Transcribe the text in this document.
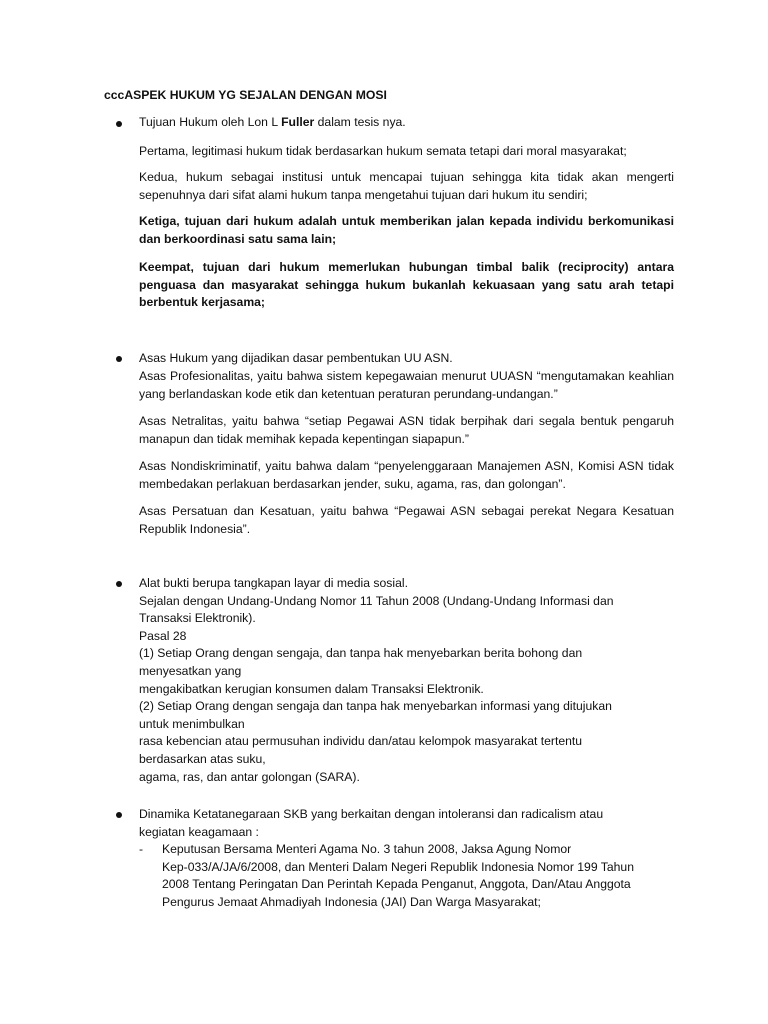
cccASPEK HUKUM YG SEJALAN DENGAN MOSI
Tujuan Hukum oleh Lon L Fuller dalam tesis nya.

Pertama, legitimasi hukum tidak berdasarkan hukum semata tetapi dari moral masyarakat;

Kedua, hukum sebagai institusi untuk mencapai tujuan sehingga kita tidak akan mengerti sepenuhnya dari sifat alami hukum tanpa mengetahui tujuan dari hukum itu sendiri;

Ketiga, tujuan dari hukum adalah untuk memberikan jalan kepada individu berkomunikasi dan berkoordinasi satu sama lain;

Keempat, tujuan dari hukum memerlukan hubungan timbal balik (reciprocity) antara penguasa dan masyarakat sehingga hukum bukanlah kekuasaan yang satu arah tetapi berbentuk kerjasama;

Asas Hukum yang dijadikan dasar pembentukan UU ASN.

Asas Profesionalitas, yaitu bahwa sistem kepegawaian menurut UUASN “mengutamakan keahlian yang berlandaskan kode etik dan ketentuan peraturan perundang-undangan.”

Asas Netralitas, yaitu bahwa “setiap Pegawai ASN tidak berpihak dari segala bentuk pengaruh manapun dan tidak memihak kepada kepentingan siapapun.”

Asas Nondiskriminatif, yaitu bahwa dalam “penyelenggaraan Manajemen ASN, Komisi ASN tidak membedakan perlakuan berdasarkan jender, suku, agama, ras, dan golongan”.

Asas Persatuan dan Kesatuan, yaitu bahwa “Pegawai ASN sebagai perekat Negara Kesatuan Republik Indonesia”.

Alat bukti berupa tangkapan layar di media sosial.
Sejalan dengan Undang-Undang Nomor 11 Tahun 2008 (Undang-Undang Informasi dan
Transaksi Elektronik).
Pasal 28
(1) Setiap Orang dengan sengaja, dan tanpa hak menyebarkan berita bohong dan
menyesatkan yang
mengakibatkan kerugian konsumen dalam Transaksi Elektronik.
(2) Setiap Orang dengan sengaja dan tanpa hak menyebarkan informasi yang ditujukan
untuk menimbulkan
rasa kebencian atau permusuhan individu dan/atau kelompok masyarakat tertentu
berdasarkan atas suku,
agama, ras, dan antar golongan (SARA).
Dinamika Ketatanegaraan SKB yang berkaitan dengan intoleransi dan radicalism atau
kegiatan keagamaan :
- Keputusan Bersama Menteri Agama No. 3 tahun 2008, Jaksa Agung Nomor
Kep-033/A/JA/6/2008, dan Menteri Dalam Negeri Republik Indonesia Nomor 199 Tahun
2008 Tentang Peringatan Dan Perintah Kepada Penganut, Anggota, Dan/Atau Anggota
Pengurus Jemaat Ahmadiyah Indonesia (JAI) Dan Warga Masyarakat;
